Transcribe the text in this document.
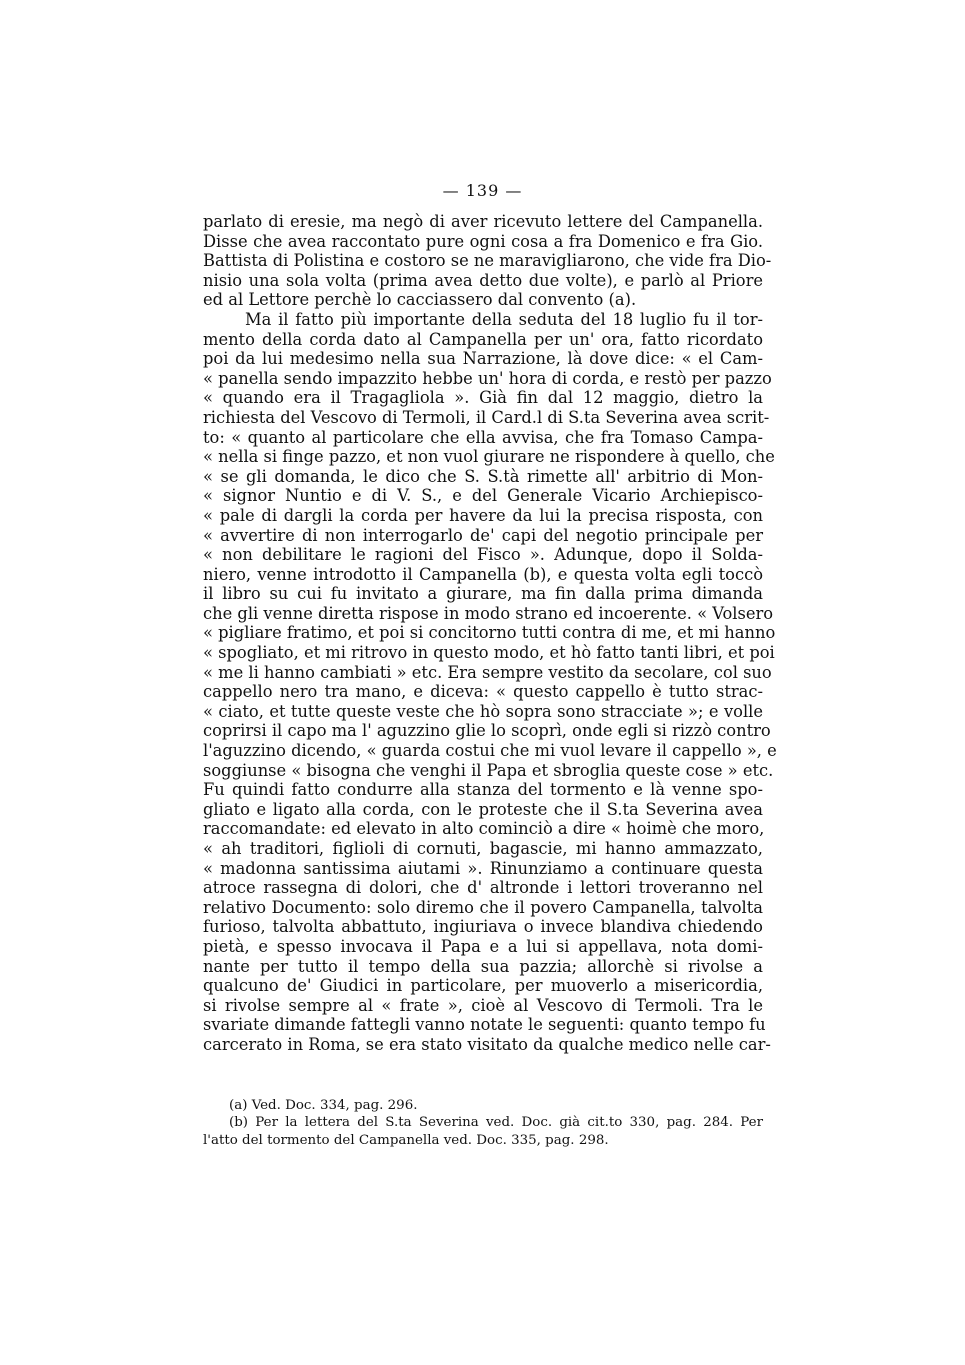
— 139 —
parlato di eresie, ma negò di aver ricevuto lettere del Campanella.
Disse che avea raccontato pure ogni cosa a fra Domenico e fra Gio.
Battista di Polistina e costoro se ne maravigliarono, che vide fra Dio-
nisio una sola volta (prima avea detto due volte), e parlò al Priore
ed al Lettore perchè lo cacciassero dal convento (a).
Ma il fatto più importante della seduta del 18 luglio fu il tor-
mento della corda dato al Campanella per un' ora, fatto ricordato
poi da lui medesimo nella sua Narrazione, là dove dice: « el Cam-
« panella sendo impazzito hebbe un' hora di corda, e restò per pazzo
« quando era il Tragagliola ». Già fin dal 12 maggio, dietro la
richiesta del Vescovo di Termoli, il Card.l di S.ta Severina avea scrit-
to: « quanto al particolare che ella avvisa, che fra Tomaso Campa-
« nella si finge pazzo, et non vuol giurare ne rispondere à quello, che
« se gli domanda, le dico che S. S.tà rimette all' arbitrio di Mon-
« signor Nuntio e di V. S., e del Generale Vicario Archiepisco-
« pale di dargli la corda per havere da lui la precisa risposta, con
« avvertire di non interrogarlo de' capi del negotio principale per
« non debilitare le ragioni del Fisco ». Adunque, dopo il Solda-
niero, venne introdotto il Campanella (b), e questa volta egli toccò
il libro su cui fu invitato a giurare, ma fin dalla prima dimanda
che gli venne diretta rispose in modo strano ed incoerente. « Volsero
« pigliare fratimo, et poi si concitorno tutti contra di me, et mi hanno
« spogliato, et mi ritrovo in questo modo, et hò fatto tanti libri, et poi
« me li hanno cambiati » etc. Era sempre vestito da secolare, col suo
cappello nero tra mano, e diceva: « questo cappello è tutto strac-
« ciato, et tutte queste veste che hò sopra sono stracciate »; e volle
coprirsi il capo ma l' aguzzino glie lo scoprì, onde egli si rizzò contro
l'aguzzino dicendo, « guarda costui che mi vuol levare il cappello », e
soggiunse « bisogna che venghi il Papa et sbroglia queste cose » etc.
Fu quindi fatto condurre alla stanza del tormento e là venne spo-
gliato e ligato alla corda, con le proteste che il S.ta Severina avea
raccomandate: ed elevato in alto cominciò a dire « hoimè che moro,
« ah traditori, figlioli di cornuti, bagascie, mi hanno ammazzato,
« madonna santissima aiutami ». Rinunziamo a continuare questa
atroce rassegna di dolori, che d' altronde i lettori troveranno nel
relativo Documento: solo diremo che il povero Campanella, talvolta
furioso, talvolta abbattuto, ingiuriava o invece blandiva chiedendo
pietà, e spesso invocava il Papa e a lui si appellava, nota domi-
nante per tutto il tempo della sua pazzia; allorchè si rivolse a
qualcuno de' Giudici in particolare, per muoverlo a misericordia,
si rivolse sempre al « frate », cioè al Vescovo di Termoli. Tra le
svariate dimande fattegli vanno notate le seguenti: quanto tempo fu
carcerato in Roma, se era stato visitato da qualche medico nelle car-
(a) Ved. Doc. 334, pag. 296.
(b) Per la lettera del S.ta Severina ved. Doc. già cit.to 330, pag. 284. Per
l'atto del tormento del Campanella ved. Doc. 335, pag. 298.
